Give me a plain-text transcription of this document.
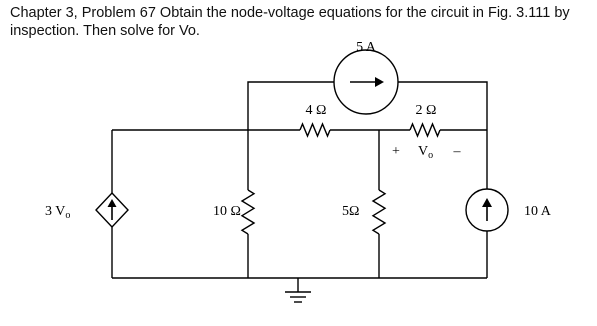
Chapter 3, Problem 67 Obtain the node-voltage equations for the circuit in Fig. 3.111 by
inspection. Then solve for Vo.
5 A
4 Ω	2 Ω
+ $V_o$ –
3 $V_o$	10 Ω	5Ω	10 A
